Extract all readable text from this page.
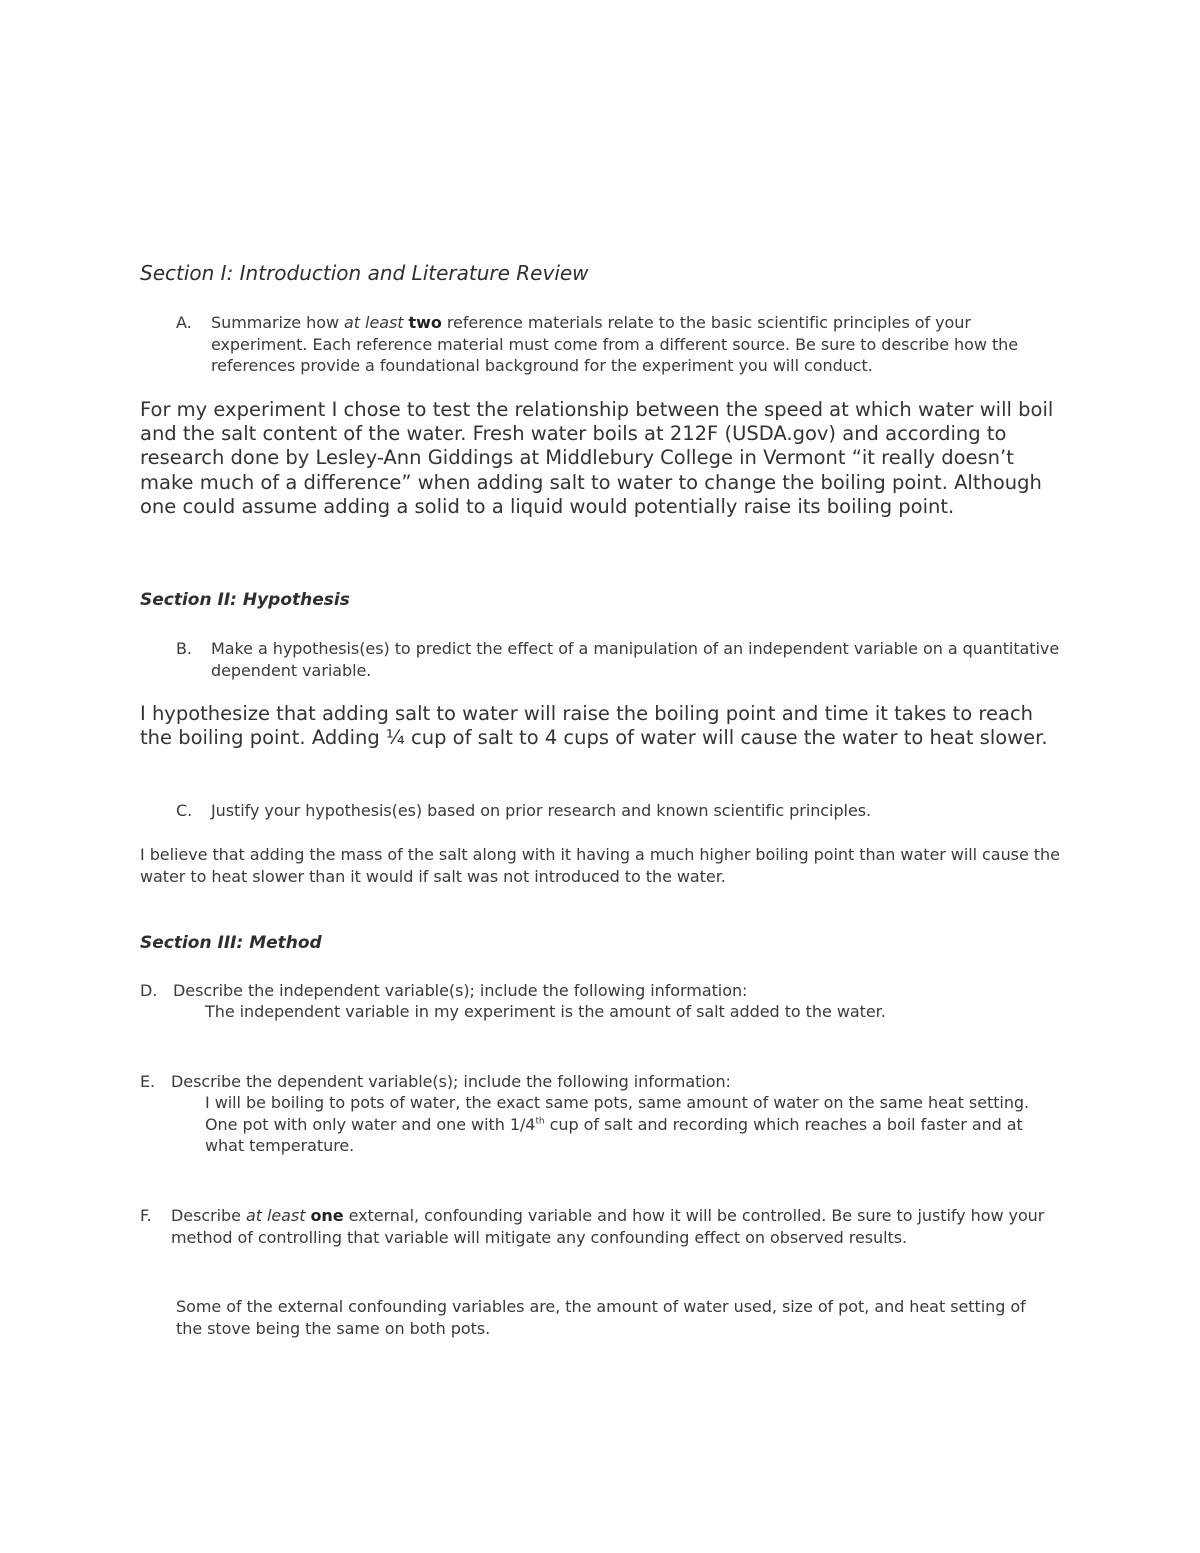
Section I: Introduction and Literature Review
A. Summarize how at least two reference materials relate to the basic scientific principles of your experiment. Each reference material must come from a different source. Be sure to describe how the references provide a foundational background for the experiment you will conduct.
For my experiment I chose to test the relationship between the speed at which water will boil and the salt content of the water. Fresh water boils at 212F (USDA.gov) and according to research done by Lesley-Ann Giddings at Middlebury College in Vermont “it really doesn’t make much of a difference” when adding salt to water to change the boiling point. Although one could assume adding a solid to a liquid would potentially raise its boiling point.
Section II: Hypothesis
B. Make a hypothesis(es) to predict the effect of a manipulation of an independent variable on a quantitative dependent variable.
I hypothesize that adding salt to water will raise the boiling point and time it takes to reach the boiling point. Adding ¼ cup of salt to 4 cups of water will cause the water to heat slower.
C. Justify your hypothesis(es) based on prior research and known scientific principles.
I believe that adding the mass of the salt along with it having a much higher boiling point than water will cause the water to heat slower than it would if salt was not introduced to the water.
Section III: Method
D. Describe the independent variable(s); include the following information:
The independent variable in my experiment is the amount of salt added to the water.
E. Describe the dependent variable(s); include the following information:
I will be boiling to pots of water, the exact same pots, same amount of water on the same heat setting. One pot with only water and one with 1/4th cup of salt and recording which reaches a boil faster and at what temperature.
F. Describe at least one external, confounding variable and how it will be controlled. Be sure to justify how your method of controlling that variable will mitigate any confounding effect on observed results.
Some of the external confounding variables are, the amount of water used, size of pot, and heat setting of the stove being the same on both pots.
